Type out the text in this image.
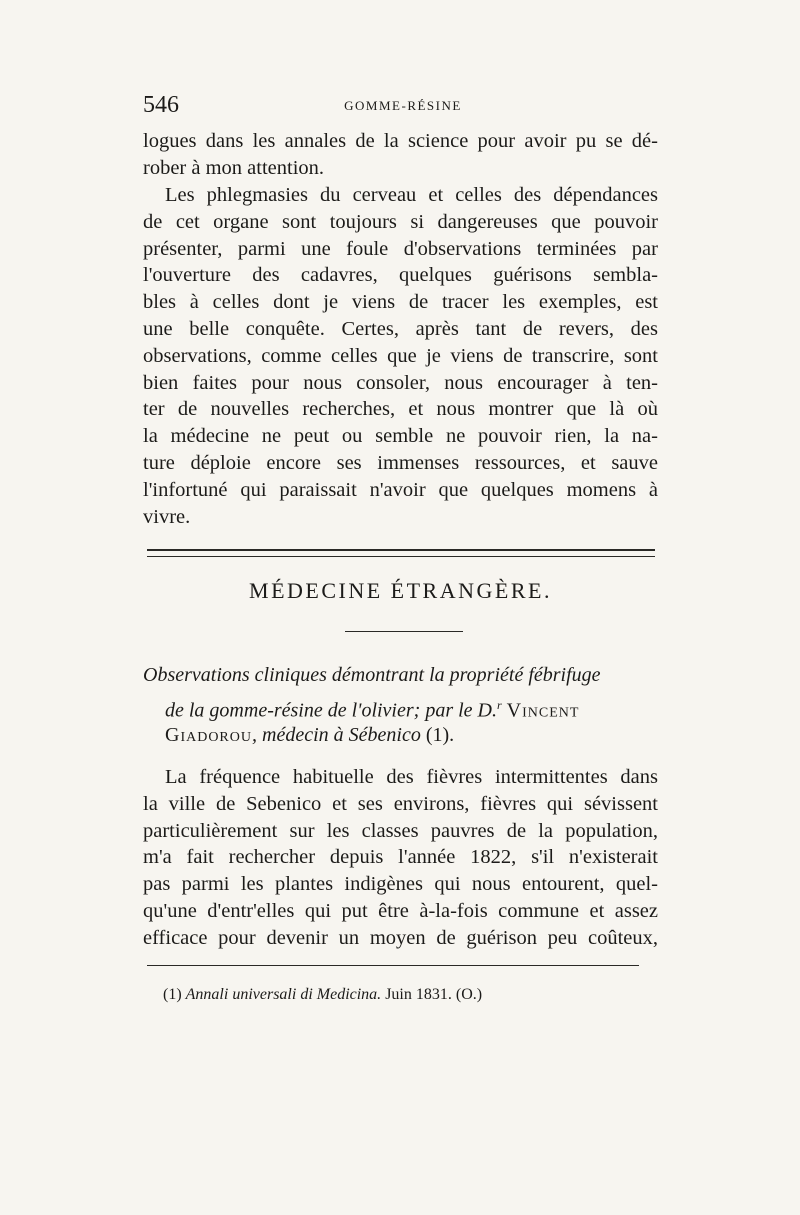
546	GOMME-RÉSINE
logues dans les annales de la science pour avoir pu se dé-
rober à mon attention.
Les phlegmasies du cerveau et celles des dépendances
de cet organe sont toujours si dangereuses que pouvoir
présenter, parmi une foule d'observations terminées par
l'ouverture des cadavres, quelques guérisons sembla-
bles à celles dont je viens de tracer les exemples, est
une belle conquête. Certes, après tant de revers, des
observations, comme celles que je viens de transcrire, sont
bien faites pour nous consoler, nous encourager à ten-
ter de nouvelles recherches, et nous montrer que là où
la médecine ne peut ou semble ne pouvoir rien, la na-
ture déploie encore ses immenses ressources, et sauve
l'infortuné qui paraissait n'avoir que quelques momens à
vivre.
MÉDECINE ÉTRANGÈRE.
Observations cliniques démontrant la propriété fébrifuge
de la gomme-résine de l'olivier; par le D.$^r$ Vincent
Giadorou, médecin à Sébenico (1).
La fréquence habituelle des fièvres intermittentes dans
la ville de Sebenico et ses environs, fièvres qui sévissent
particulièrement sur les classes pauvres de la population,
m'a fait rechercher depuis l'année 1822, s'il n'existerait
pas parmi les plantes indigènes qui nous entourent, quel-
qu'une d'entr'elles qui put être à-la-fois commune et assez
efficace pour devenir un moyen de guérison peu coûteux,
(1) Annali universali di Medicina. Juin 1831. (O.)
